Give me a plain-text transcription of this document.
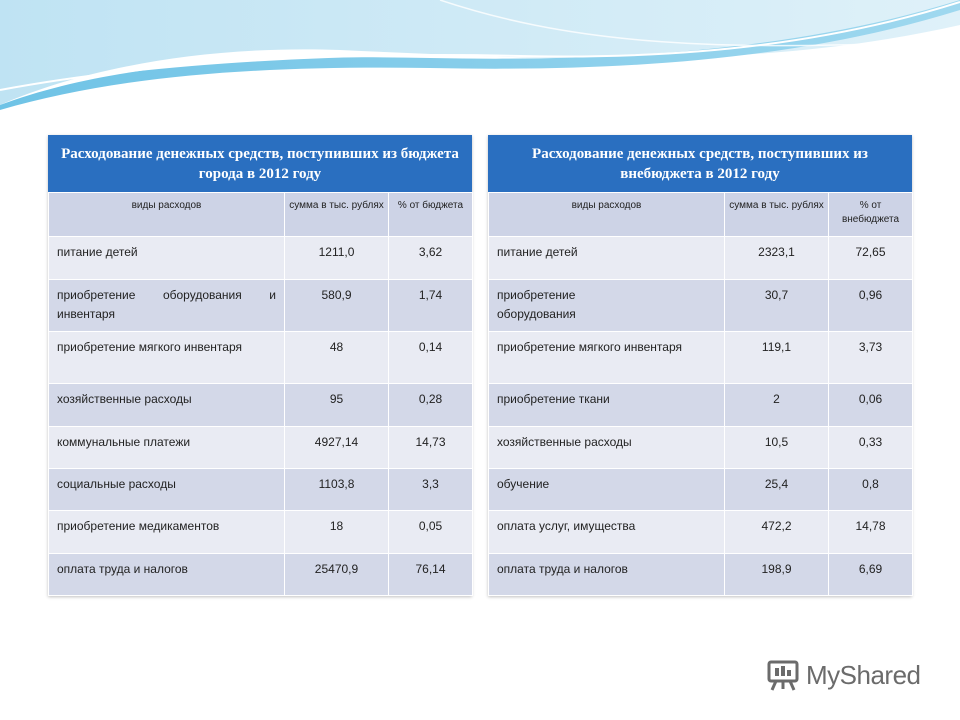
Расходование денежных средств, поступивших из бюджета города в 2012 году
виды расходов	сумма в тыс. рублях	% от бюджета
питание детей	1211,0	3,62
приобретение оборудования и инвентаря	580,9	1,74
приобретение мягкого инвентаря	48	0,14
хозяйственные расходы	95	0,28
коммунальные платежи	4927,14	14,73
социальные расходы	1103,8	3,3
приобретение медикаментов	18	0,05
оплата труда и налогов	25470,9	76,14
Расходование денежных средств, поступивших из внебюджета в 2012 году
виды расходов	сумма в тыс. рублях	% от внебюджета
питание детей	2323,1	72,65
приобретение оборудования	30,7	0,96
приобретение мягкого инвентаря	119,1	3,73
приобретение ткани	2	0,06
хозяйственные расходы	10,5	0,33
обучение	25,4	0,8
оплата услуг, имущества	472,2	14,78
оплата труда и налогов	198,9	6,69
MyShared
